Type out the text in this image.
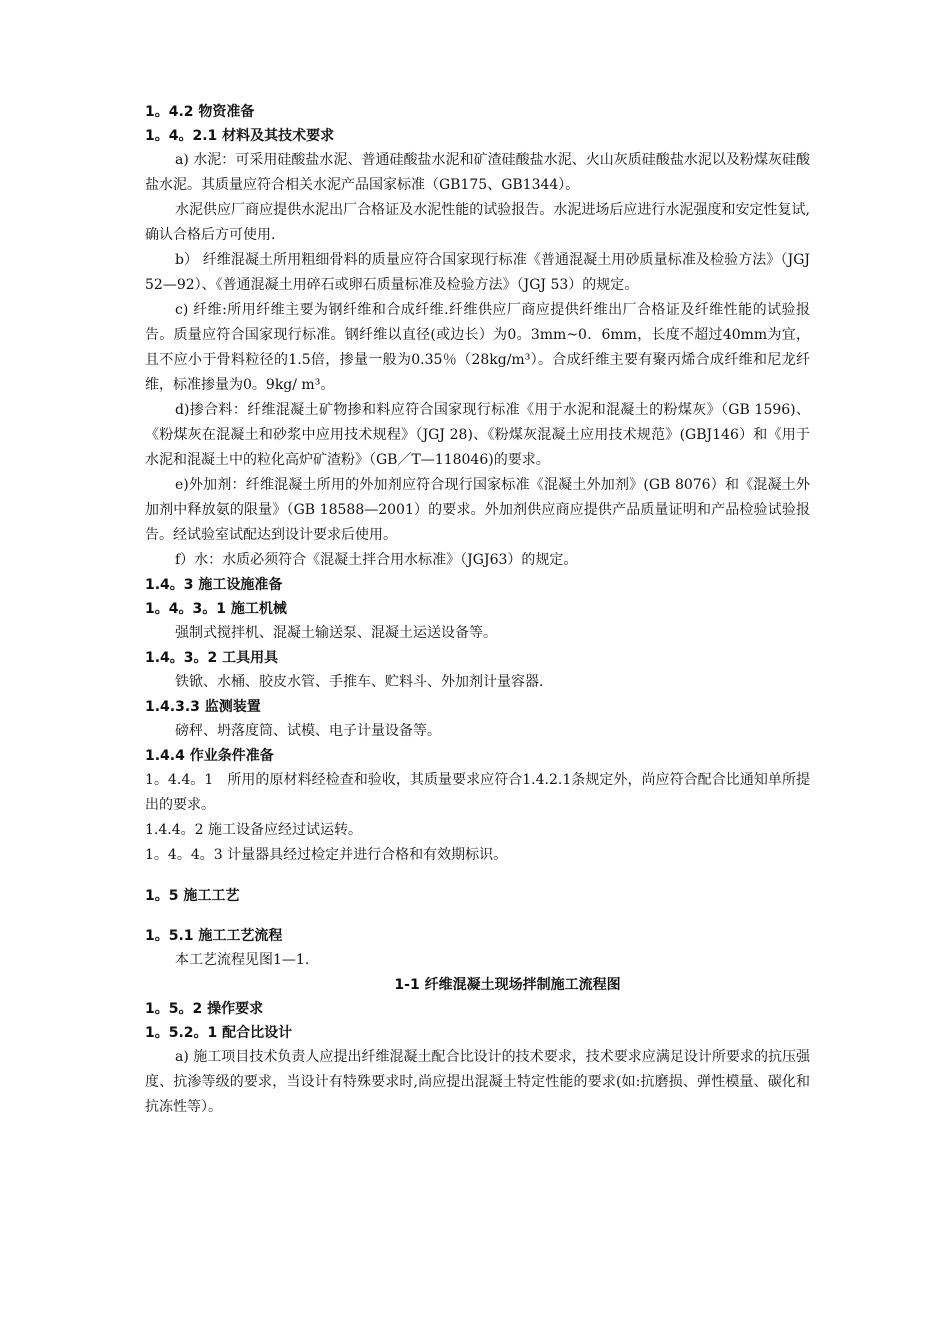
1。4.2 物资准备

1。4。2.1 材料及其技术要求

a) 水泥：可采用硅酸盐水泥、普通硅酸盐水泥和矿渣硅酸盐水泥、火山灰质硅酸盐水泥以及粉煤灰硅酸盐水泥。其质量应符合相关水泥产品国家标准（GB175、GB1344）。

水泥供应厂商应提供水泥出厂合格证及水泥性能的试验报告。水泥进场后应进行水泥强度和安定性复试,确认合格后方可使用.

b） 纤维混凝土所用粗细骨料的质量应符合国家现行标准《普通混凝土用砂质量标准及检验方法》（JGJ 52—92）、《普通混凝土用碎石或卵石质量标准及检验方法》（JGJ 53）的规定。

c) 纤维:所用纤维主要为钢纤维和合成纤维.纤维供应厂商应提供纤维出厂合格证及纤维性能的试验报告。质量应符合国家现行标准。钢纤维以直径(或边长）为0。3mm~0．6mm，长度不超过40mm为宜，且不应小于骨料粒径的1.5倍，掺量一般为0.35％（28kg/m³）。合成纤维主要有聚丙烯合成纤维和尼龙纤维，标准掺量为0。9kg/ m³。

d)掺合料：纤维混凝土矿物掺和料应符合国家现行标准《用于水泥和混凝土的粉煤灰》（GB 1596)、《粉煤灰在混凝土和砂浆中应用技术规程》（JGJ 28)、《粉煤灰混凝土应用技术规范》(GBJ146）和《用于水泥和混凝土中的粒化高炉矿渣粉》（GB／T—118046)的要求。

e)外加剂：纤维混凝土所用的外加剂应符合现行国家标准《混凝土外加剂》(GB 8076）和《混凝土外加剂中释放氨的限量》（GB 18588—2001）的要求。外加剂供应商应提供产品质量证明和产品检验试验报告。经试验室试配达到设计要求后使用。

f）水：水质必须符合《混凝土拌合用水标准》（JGJ63）的规定。

1.4。3 施工设施准备

1。4。3。1 施工机械

强制式搅拌机、混凝土输送泵、混凝土运送设备等。

1.4。3。2 工具用具

铁锨、水桶、胶皮水管、手推车、贮料斗、外加剂计量容器.

1.4.3.3 监测装置

磅秤、坍落度筒、试模、电子计量设备等。

1.4.4 作业条件准备

1。4.4。1　所用的原材料经检查和验收，其质量要求应符合1.4.2.1条规定外，尚应符合配合比通知单所提出的要求。

1.4.4。2 施工设备应经过试运转。

1。4。4。3 计量器具经过检定并进行合格和有效期标识。

1。5 施工工艺

1。5.1 施工工艺流程

本工艺流程见图1—1.

1-1 纤维混凝土现场拌制施工流程图

1。5。2 操作要求

1。5.2。1 配合比设计

a) 施工项目技术负责人应提出纤维混凝土配合比设计的技术要求，技术要求应满足设计所要求的抗压强度、抗渗等级的要求，当设计有特殊要求时,尚应提出混凝土特定性能的要求(如:抗磨损、弹性模量、碳化和抗冻性等）。
